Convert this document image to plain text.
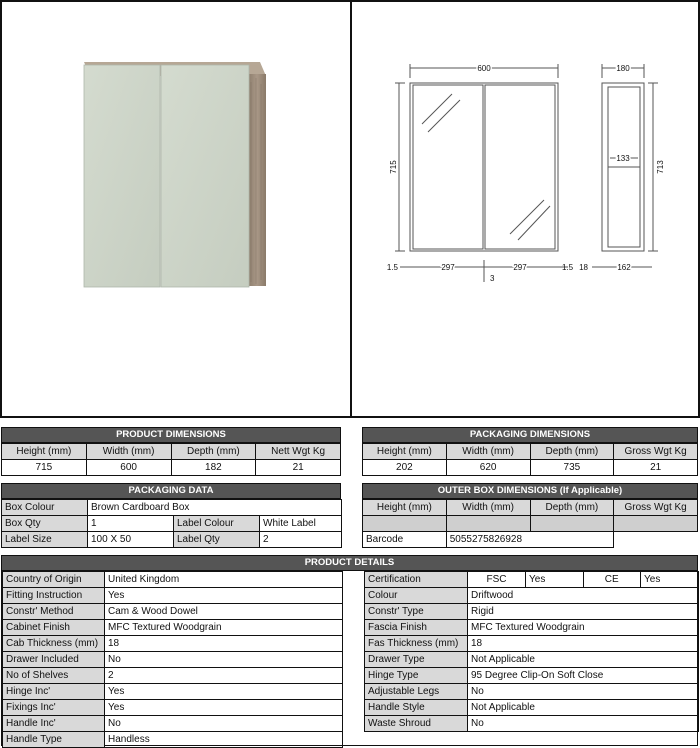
600
715
1.5	297	297	1.5
3
180
713
133
18	162
PRODUCT DIMENSIONS
Height (mm)	Width (mm)	Depth (mm)	Nett Wgt Kg
715	600	182	21
PACKAGING DIMENSIONS
Height (mm)	Width (mm)	Depth (mm)	Gross Wgt Kg
202	620	735	21
PACKAGING DATA
Box Colour	Brown Cardboard Box		
Box Qty	1	Label Colour	White Label
Label Size	100 X 50	Label Qty	2
OUTER BOX DIMENSIONS (If Applicable)
Height (mm)	Width (mm)	Depth (mm)	Gross Wgt Kg

Barcode	5055275826928		
PRODUCT DETAILS
Country of Origin	United Kingdom
Fitting Instruction	Yes
Constr' Method	Cam & Wood Dowel
Cabinet Finish	MFC Textured Woodgrain
Cab Thickness (mm)	18
Drawer Included	No
No of Shelves	2
Hinge Inc'	Yes
Fixings Inc'	Yes
Handle Inc'	No
Handle Type	Handless
Certification		FSC	Yes	CE	Yes

Colour	Driftwood
Constr' Type	Rigid
Fascia Finish	MFC Textured Woodgrain
Fas Thickness (mm)	18
Drawer Type	Not Applicable
Hinge Type	95 Degree Clip-On Soft Close
Adjustable Legs	No
Handle Style	Not Applicable
Waste Shroud	No
